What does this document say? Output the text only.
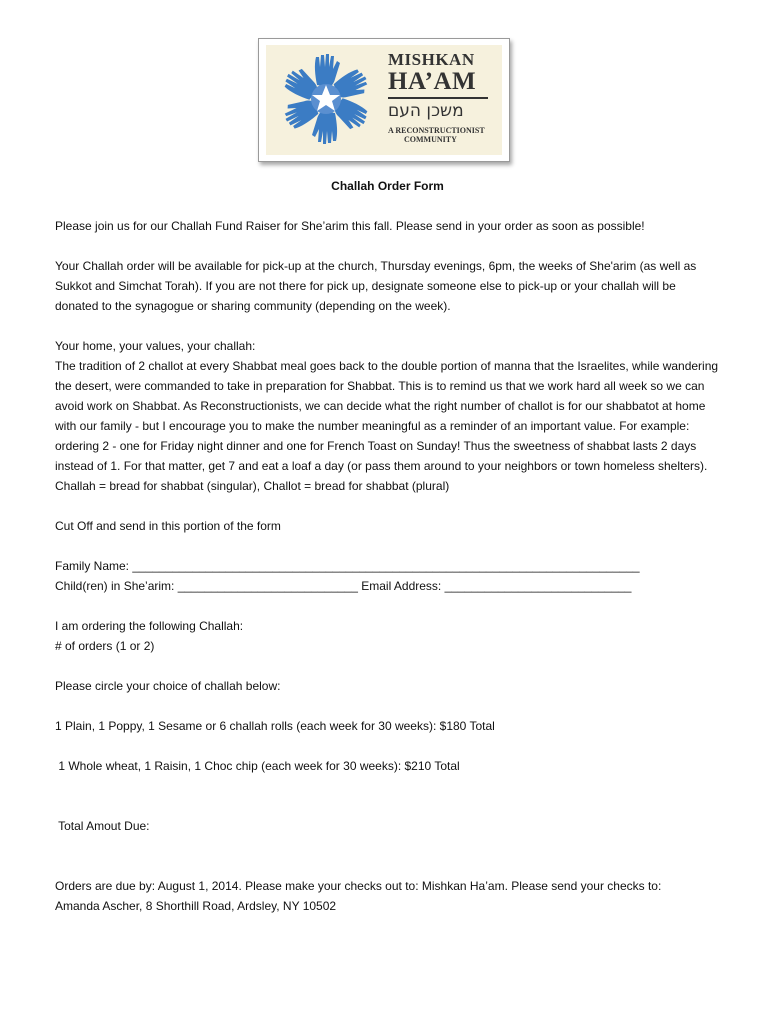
MISHKAN
HA’AM
משכן העם
A RECONSTRUCTIONIST
COMMUNITY
Challah Order Form

Please join us for our Challah Fund Raiser for She’arim this fall. Please send in your order as soon as possible!

Your Challah order will be available for pick-up at the church, Thursday evenings, 6pm, the weeks of She'arim (as well as Sukkot and Simchat Torah). If you are not there for pick up, designate someone else to pick-up or your challah will be donated to the synagogue or sharing community (depending on the week).

Your home, your values, your challah:

The tradition of 2 challot at every Shabbat meal goes back to the double portion of manna that the Israelites, while wandering the desert, were commanded to take in preparation for Shabbat. This is to remind us that we work hard all week so we can avoid work on Shabbat. As Reconstructionists, we can decide what the right number of challot is for our shabbatot at home with our family - but I encourage you to make the number meaningful as a reminder of an important value. For example: ordering 2 - one for Friday night dinner and one for French Toast on Sunday! Thus the sweetness of shabbat lasts 2 days instead of 1. For that matter, get 7 and eat a loaf a day (or pass them around to your neighbors or town homeless shelters). Challah = bread for shabbat (singular), Challot = bread for shabbat (plural)

Cut Off and send in this portion of the form

Family Name: ____________________________________________________________________________
Child(ren) in She’arim: ___________________________ Email Address: ____________________________
I am ordering the following Challah:

# of orders (1 or 2)

Please circle your choice of challah below:

1 Plain, 1 Poppy, 1 Sesame or 6 challah rolls (each week for 30 weeks): $180 Total

1 Whole wheat, 1 Raisin, 1 Choc chip (each week for 30 weeks): $210 Total

Total Amout Due:

Orders are due by: August 1, 2014. Please make your checks out to: Mishkan Ha’am. Please send your checks to:
Amanda Ascher, 8 Shorthill Road, Ardsley, NY 10502
